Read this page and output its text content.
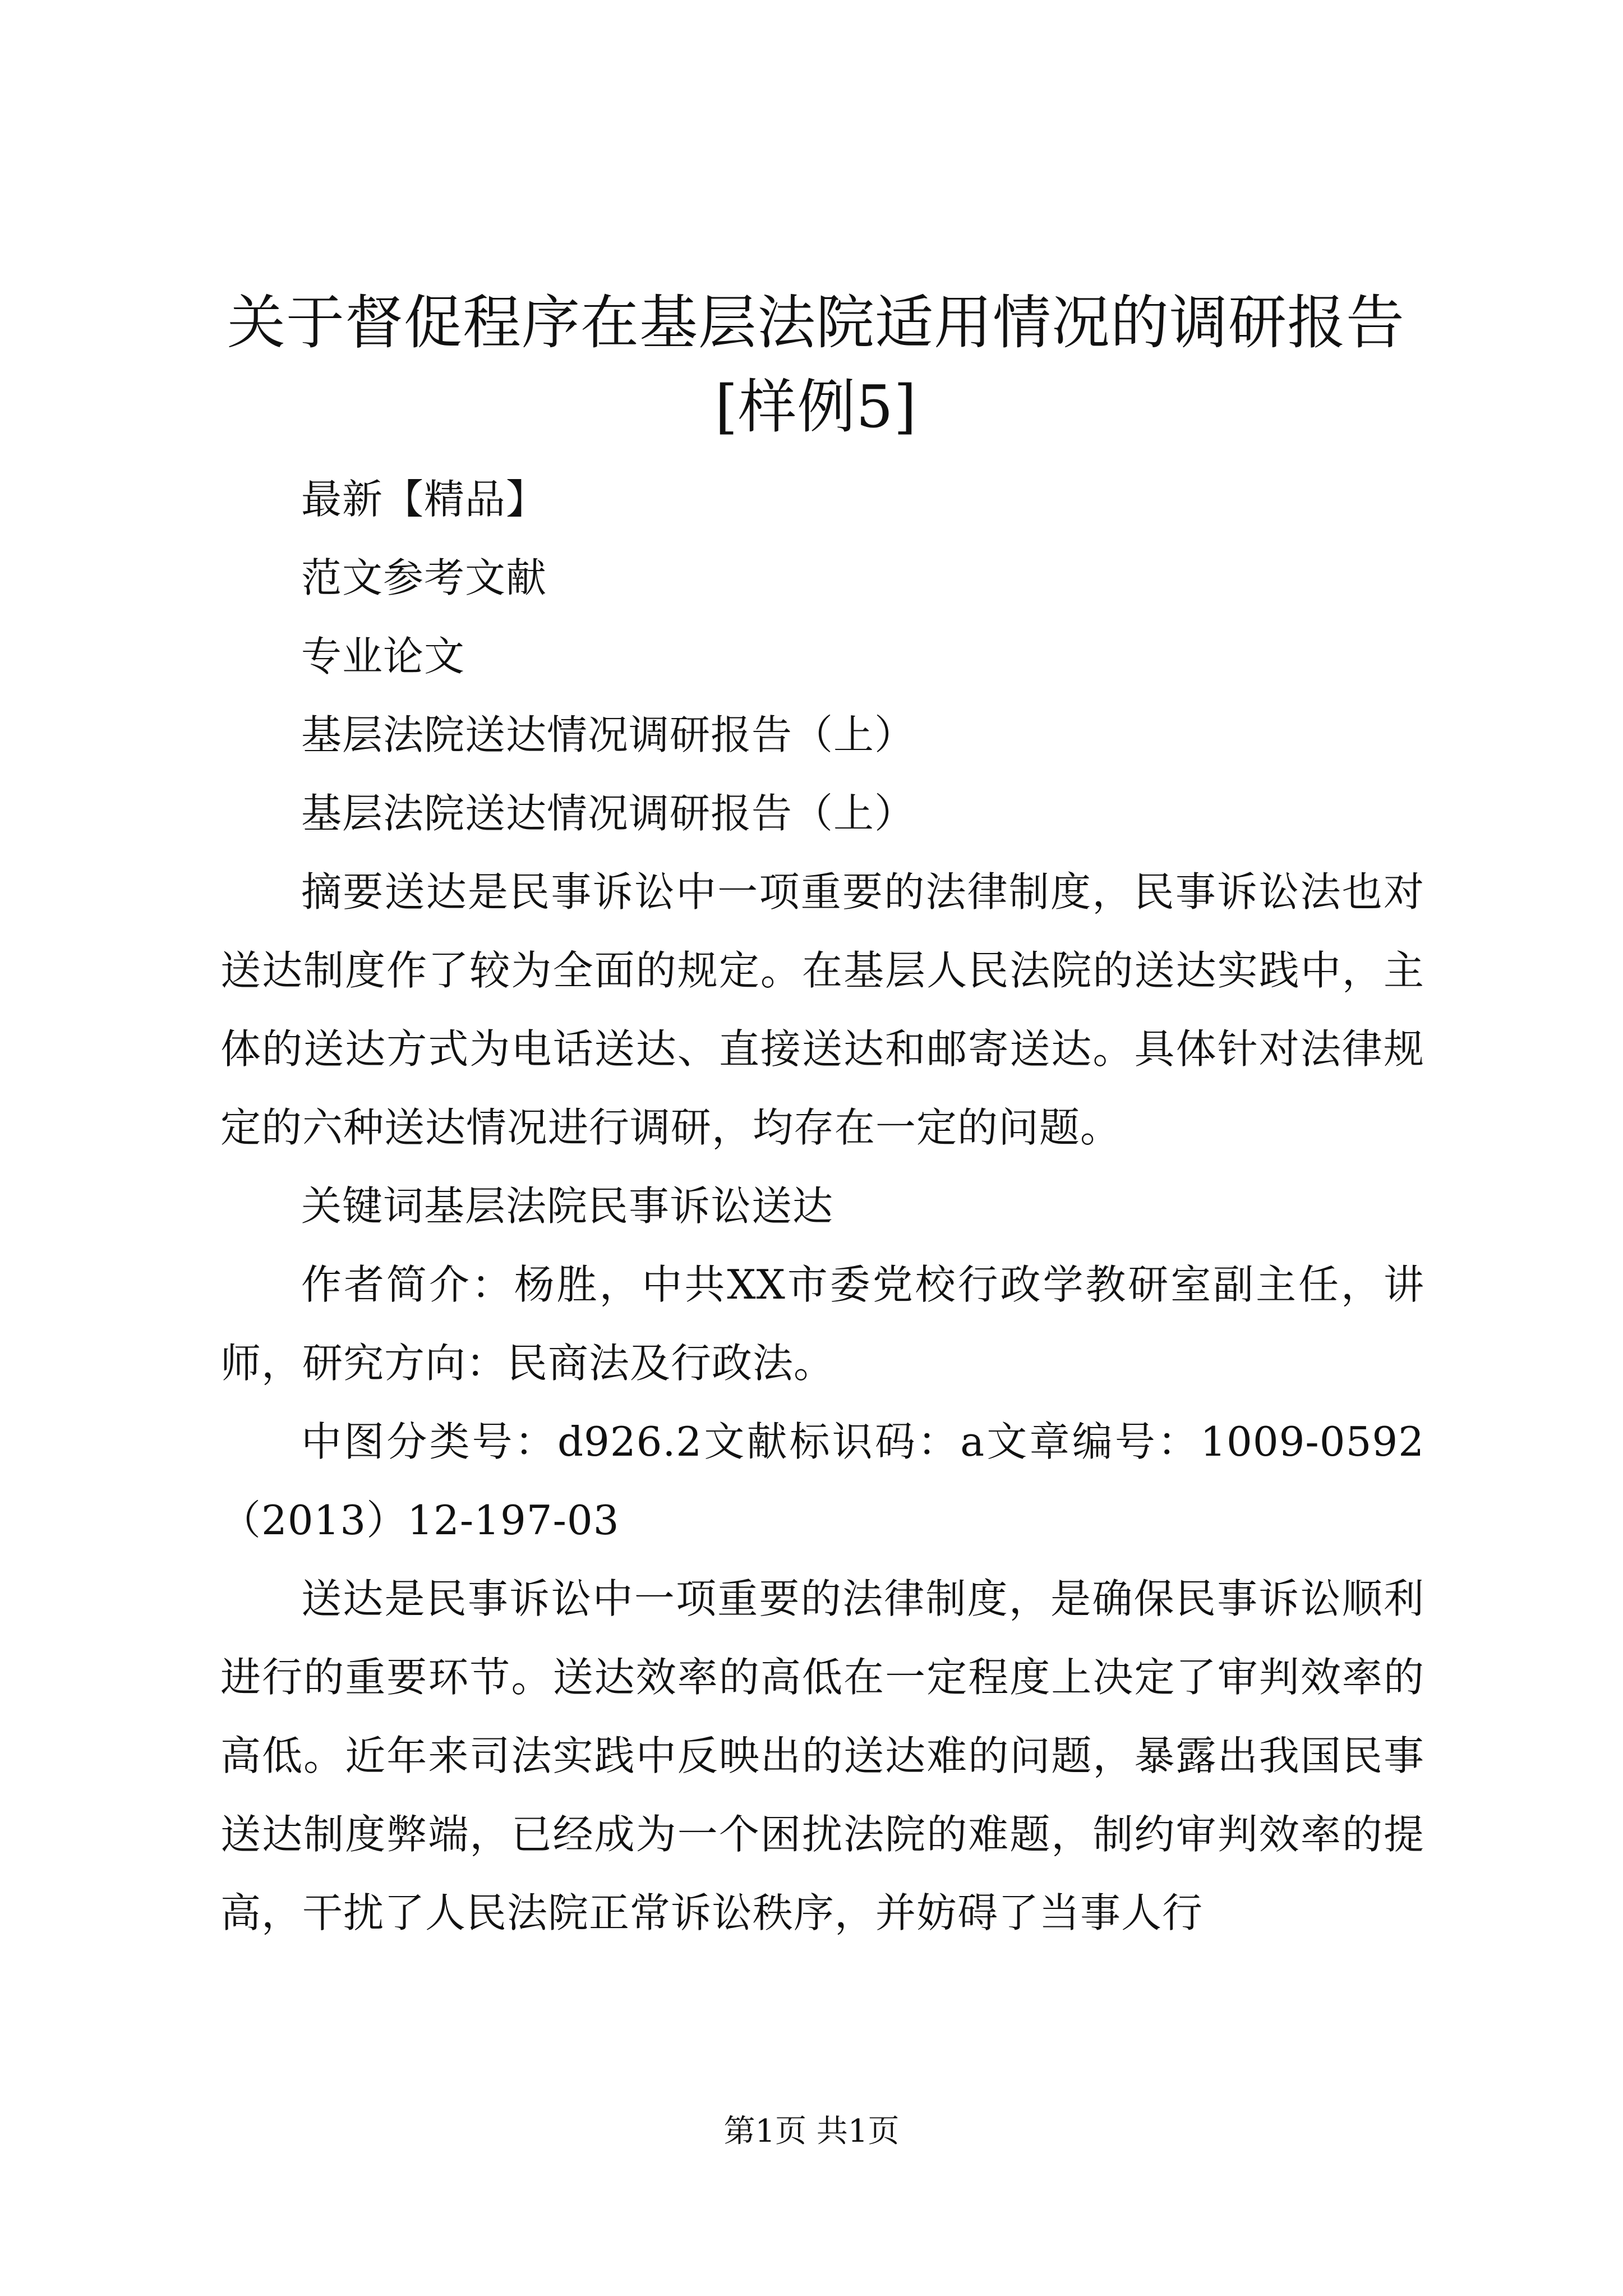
关于督促程序在基层法院适用情况的调研报告[样例5]

最新【精品】

范文参考文献

专业论文

基层法院送达情况调研报告（上）

基层法院送达情况调研报告（上）

摘要送达是民事诉讼中一项重要的法律制度，民事诉讼法也对送达制度作了较为全面的规定。在基层人民法院的送达实践中，主体的送达方式为电话送达、直接送达和邮寄送达。具体针对法律规定的六种送达情况进行调研，均存在一定的问题。

关键词基层法院民事诉讼送达

作者简介：杨胜，中共XX市委党校行政学教研室副主任，讲师，研究方向：民商法及行政法。

中图分类号：d926.2文献标识码：a文章编号：1009-0592（2013）12-197-03

送达是民事诉讼中一项重要的法律制度，是确保民事诉讼顺利进行的重要环节。送达效率的高低在一定程度上决定了审判效率的高低。近年来司法实践中反映出的送达难的问题，暴露出我国民事送达制度弊端，已经成为一个困扰法院的难题，制约审判效率的提高，干扰了人民法院正常诉讼秩序，并妨碍了当事人行

第1页 共1页
